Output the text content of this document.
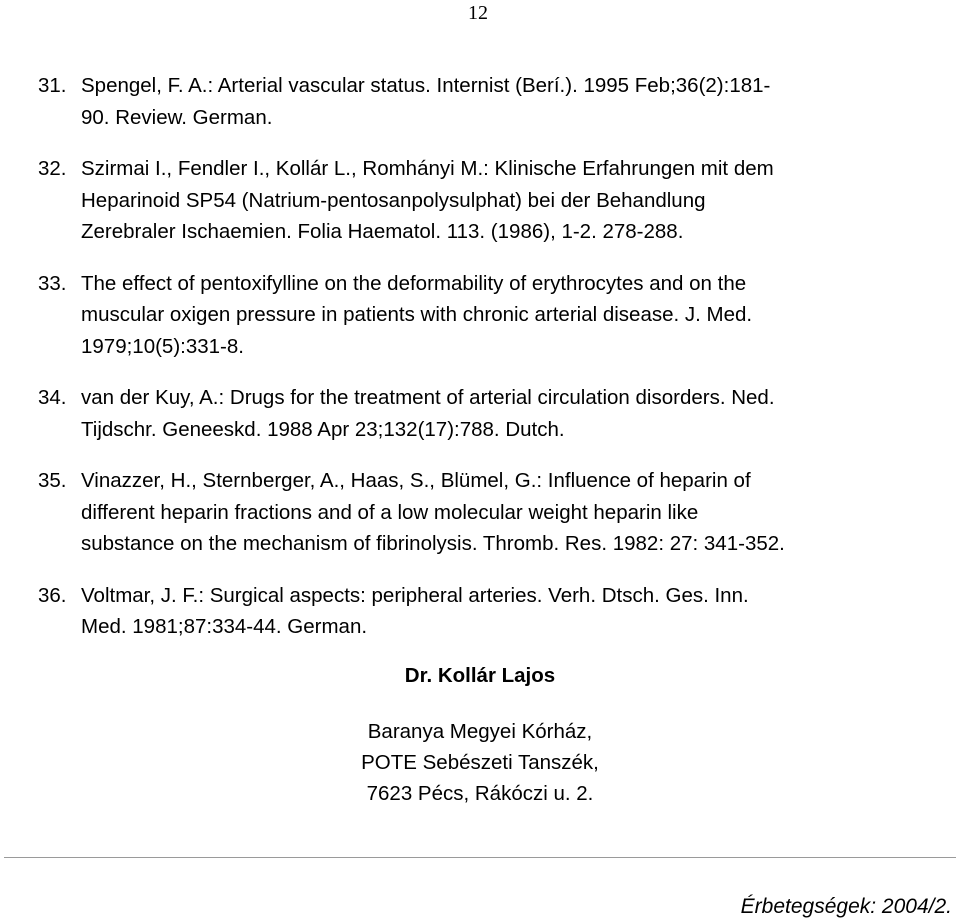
12
31. Spengel, F. A.: Arterial vascular status. Internist (Berí.). 1995 Feb;36(2):181-
90. Review. German.
32. Szirmai I., Fendler I., Kollár L., Romhányi M.: Klinische Erfahrungen mit dem
Heparinoid SP54 (Natrium-pentosanpolysulphat) bei der Behandlung
Zerebraler Ischaemien. Folia Haematol. 113. (1986), 1-2. 278-288.
33. The effect of pentoxifylline on the deformability of erythrocytes and on the
muscular oxigen pressure in patients with chronic arterial disease. J. Med.
1979;10(5):331-8.
34. van der Kuy, A.: Drugs for the treatment of arterial circulation disorders. Ned.
Tijdschr. Geneeskd. 1988 Apr 23;132(17):788. Dutch.
35. Vinazzer, H., Sternberger, A., Haas, S., Blümel, G.: Influence of heparin of
different heparin fractions and of a low molecular weight heparin like
substance on the mechanism of fibrinolysis. Thromb. Res. 1982: 27: 341-352.
36. Voltmar, J. F.: Surgical aspects: peripheral arteries. Verh. Dtsch. Ges. Inn.
Med. 1981;87:334-44. German.
Dr. Kollár Lajos
Baranya Megyei Kórház,
POTE Sebészeti Tanszék,
7623 Pécs, Rákóczi u. 2.
Érbetegségek: 2004/2.
